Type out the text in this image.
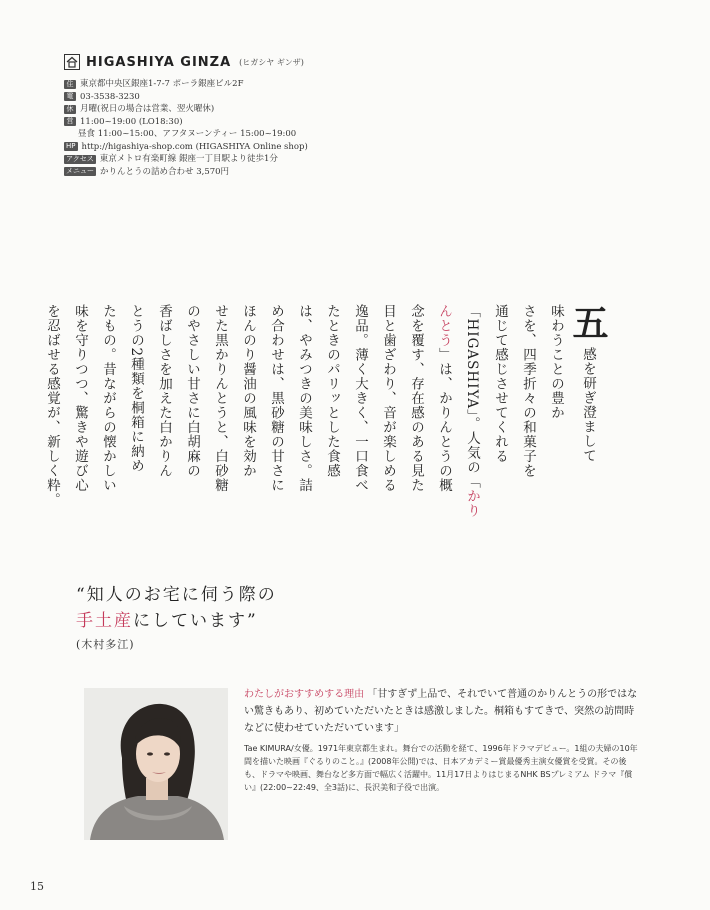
HIGASHIYA GINZA (ヒガシヤ ギンザ)
住 東京都中央区銀座1-7-7 ポーラ銀座ビル2F
電 03-3538-3230
休 月曜(祝日の場合は営業、翌火曜休)
営 11:00~19:00 (LO18:30)
昼食 11:00~15:00、アフタヌーンティー 15:00~19:00
HP http://higashiya-shop.com (HIGASHIYA Online shop)
アクセス 東京メトロ有楽町線 銀座一丁目駅より徒歩1分
メニュー かりんとうの詰め合わせ 3,570円
五感を研ぎ澄まして
味わうことの豊か
さを、四季折々の和菓子を
通じて感じさせてくれる
「HIGASHIYA」。人気の「かり
んとう」は、かりんとうの概
念を覆す、存在感のある見た
目と歯ざわり、音が楽しめる
逸品。薄く大きく、一口食べ
たときのパリッとした食感
は、やみつきの美味しさ。詰
め合わせは、黒砂糖の甘さに
ほんのり醤油の風味を効か
せた黒かりんとうと、白砂糖
のやさしい甘さに白胡麻の
香ばしさを加えた白かりん
とうの2種類を桐箱に納め
たもの。昔ながらの懐かしい
味を守りつつ、驚きや遊び心
を忍ばせる感覚が、新しく粋。
“知人のお宅に伺う際の
手土産にしています”
(木村多江)
わたしがおすすめする理由 「甘すぎず上品で、それでいて普通のかりんとうの形ではない驚きもあり、初めていただいたときは感激しました。桐箱もすてきで、突然の訪問時などに使わせていただいています」
Tae KIMURA/女優。1971年東京都生まれ。舞台での活動を経て、1996年ドラマデビュー。1組の夫婦の10年間を描いた映画『ぐるりのこと。』(2008年公開)では、日本アカデミー賞最優秀主演女優賞を受賞。その後も、ドラマや映画、舞台など多方面で幅広く活躍中。11月17日よりはじまるNHK BSプレミアム ドラマ『償い』(22:00~22:49、全3話)に、長沢美和子役で出演。
15
